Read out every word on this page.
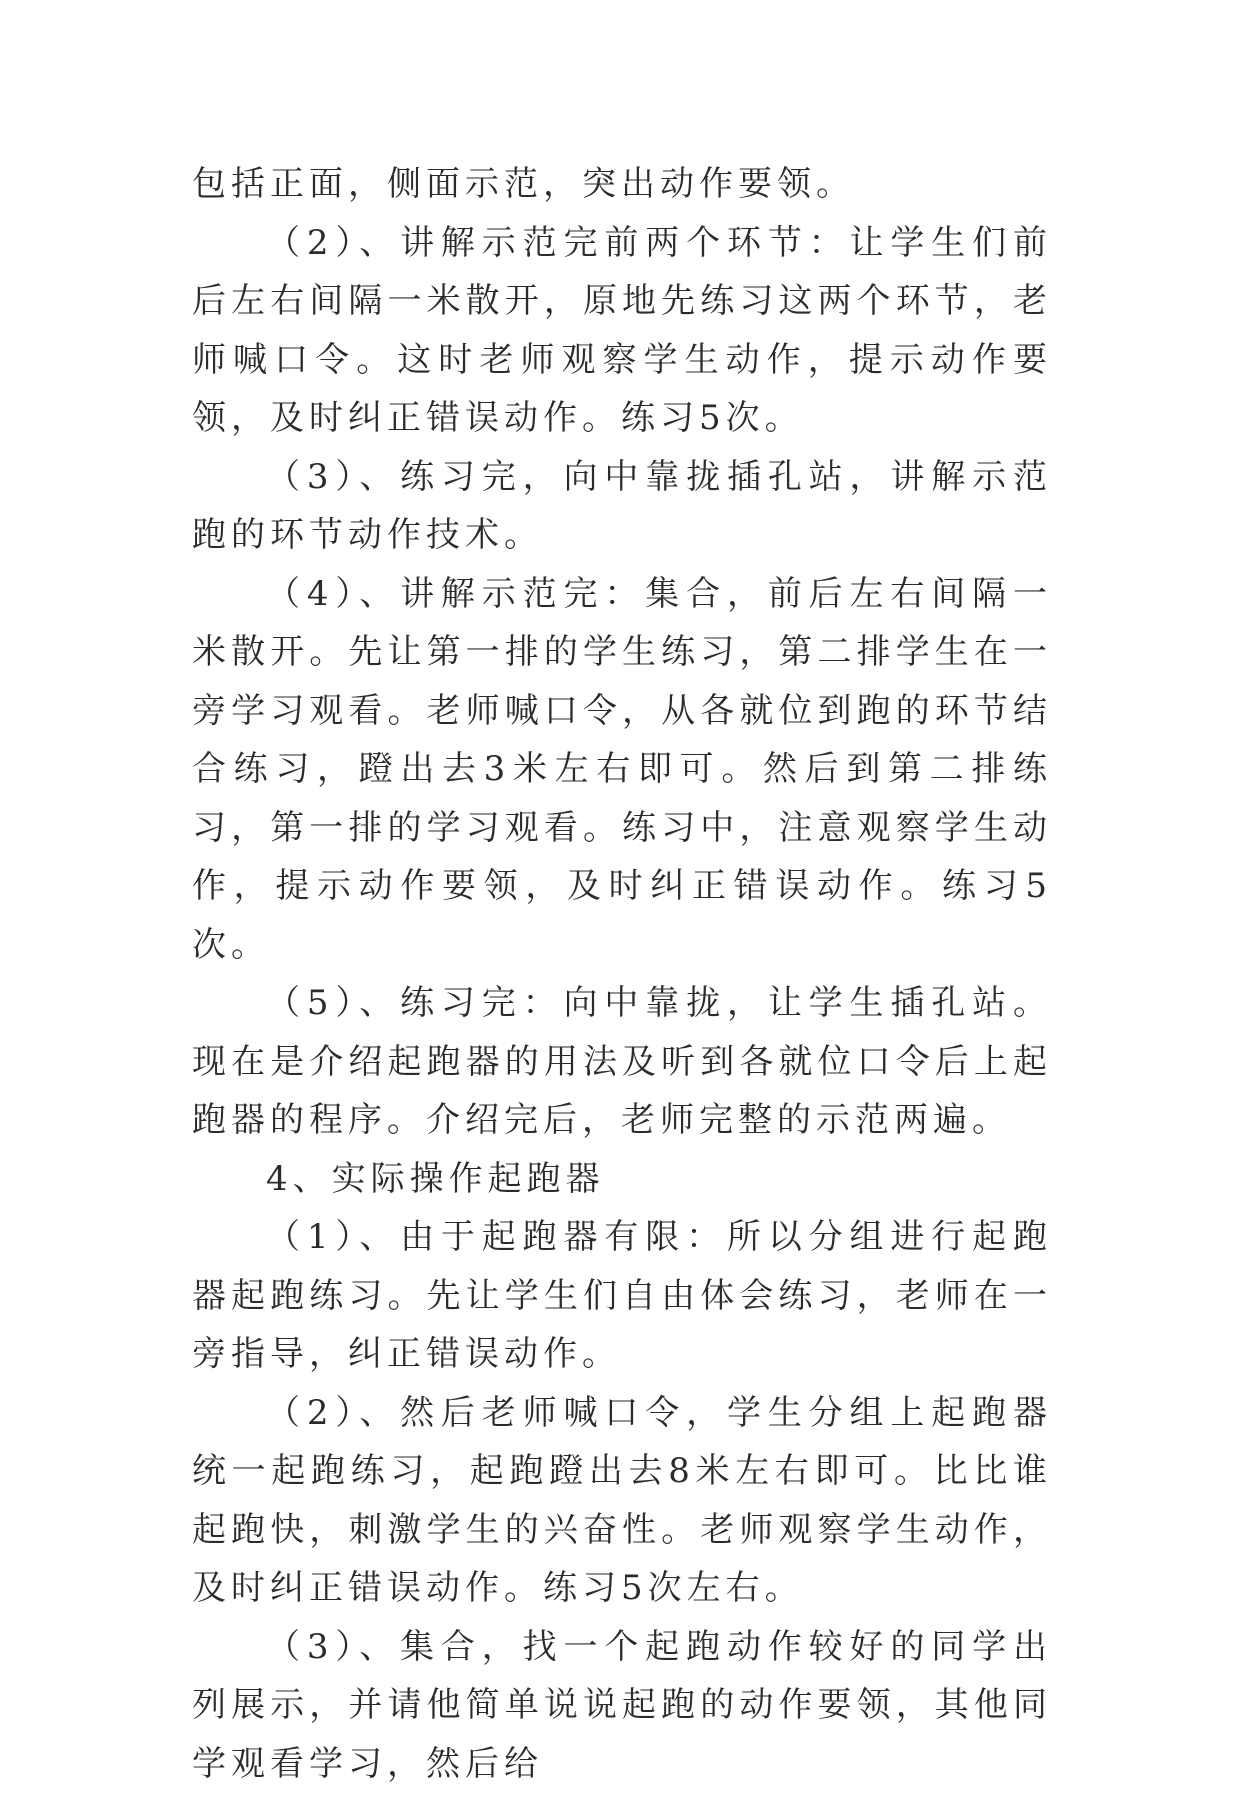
包括正面，侧面示范，突出动作要领。

（2）、讲解示范完前两个环节：让学生们前后左右间隔一米散开，原地先练习这两个环节，老师喊口令。这时老师观察学生动作，提示动作要领，及时纠正错误动作。练习5次。

（3）、练习完，向中靠拢插孔站，讲解示范跑的环节动作技术。

（4）、讲解示范完：集合，前后左右间隔一米散开。先让第一排的学生练习，第二排学生在一旁学习观看。老师喊口令，从各就位到跑的环节结合练习，蹬出去3米左右即可。然后到第二排练习，第一排的学习观看。练习中，注意观察学生动作，提示动作要领，及时纠正错误动作。练习5次。

（5）、练习完：向中靠拢，让学生插孔站。现在是介绍起跑器的用法及听到各就位口令后上起跑器的程序。介绍完后，老师完整的示范两遍。

4、实际操作起跑器

（1）、由于起跑器有限：所以分组进行起跑器起跑练习。先让学生们自由体会练习，老师在一旁指导，纠正错误动作。

（2）、然后老师喊口令，学生分组上起跑器统一起跑练习，起跑蹬出去8米左右即可。比比谁起跑快，刺激学生的兴奋性。老师观察学生动作，及时纠正错误动作。练习5次左右。

（3）、集合，找一个起跑动作较好的同学出列展示，并请他简单说说起跑的动作要领，其他同学观看学习，然后给
